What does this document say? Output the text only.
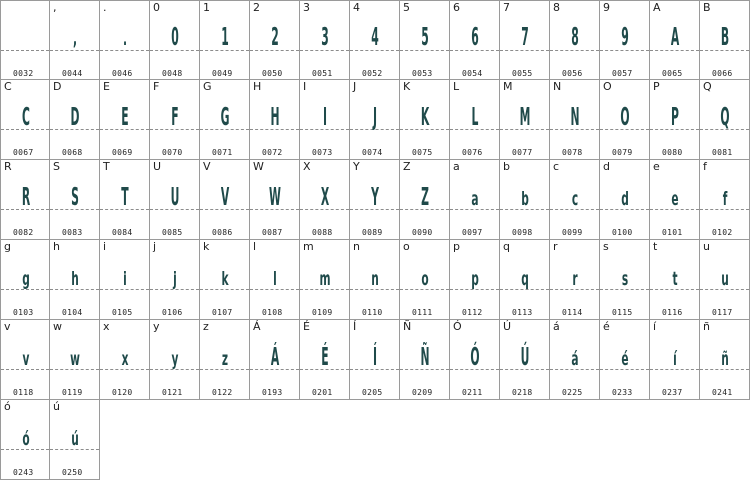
0032
,
,
0044
.
.
0046
0
0
0048
1
1
0049
2
2
0050
3
3
0051
4
4
0052
5
5
0053
6
6
0054
7
7
0055
8
8
0056
9
9
0057
A
A
0065
B
B
0066
C
C
0067
D
D
0068
E
E
0069
F
F
0070
G
G
0071
H
H
0072
I
I
0073
J
J
0074
K
K
0075
L
L
0076
M
M
0077
N
N
0078
O
O
0079
P
P
0080
Q
Q
0081
R
R
0082
S
S
0083
T
T
0084
U
U
0085
V
V
0086
W
W
0087
X
X
0088
Y
Y
0089
Z
Z
0090
a
a
0097
b
b
0098
c
c
0099
d
d
0100
e
e
0101
f
f
0102
g
g
0103
h
h
0104
i
i
0105
j
j
0106
k
k
0107
l
l
0108
m
m
0109
n
n
0110
o
o
0111
p
p
0112
q
q
0113
r
r
0114
s
s
0115
t
t
0116
u
u
0117
v
v
0118
w
w
0119
x
x
0120
y
y
0121
z
z
0122
Á
Á
0193
É
É
0201
Í
Í
0205
Ñ
Ñ
0209
Ó
Ó
0211
Ú
Ú
0218
á
á
0225
é
é
0233
í
í
0237
ñ
ñ
0241
ó
ó
0243
ú
ú
0250
